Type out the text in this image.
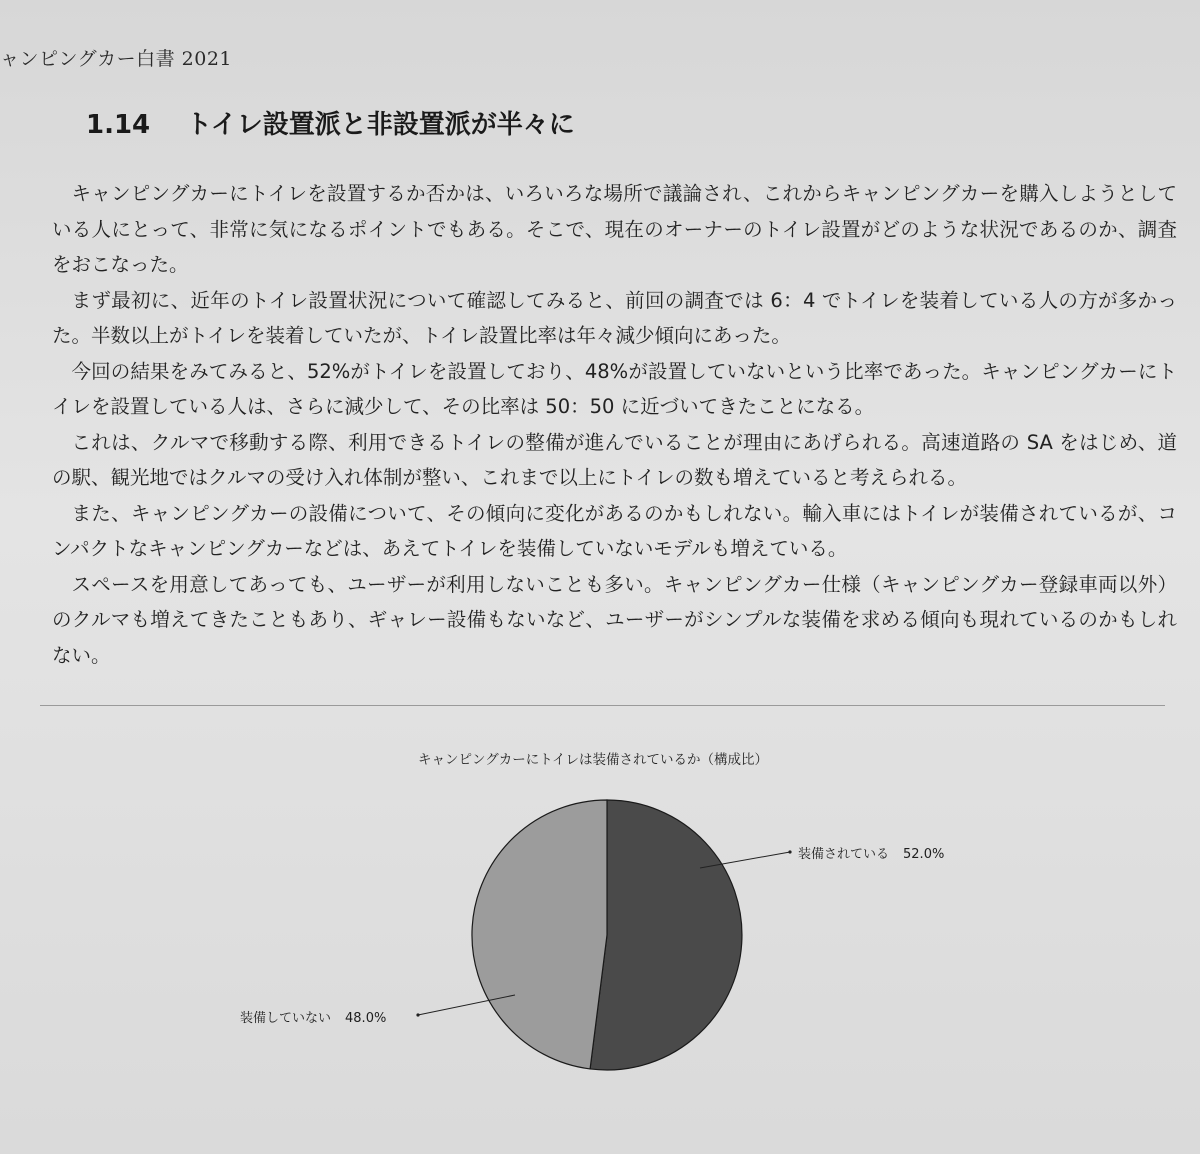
ャンピングカー白書 2021
1.14 トイレ設置派と非設置派が半々に

キャンピングカーにトイレを設置するか否かは、いろいろな場所で議論され、これからキャンピングカーを購入しようとしている人にとって、非常に気になるポイントでもある。そこで、現在のオーナーのトイレ設置がどのような状況であるのか、調査をおこなった。

まず最初に、近年のトイレ設置状況について確認してみると、前回の調査では 6：4 でトイレを装着している人の方が多かった。半数以上がトイレを装着していたが、トイレ設置比率は年々減少傾向にあった。

今回の結果をみてみると、52%がトイレを設置しており、48%が設置していないという比率であった。キャンピングカーにトイレを設置している人は、さらに減少して、その比率は 50：50 に近づいてきたことになる。

これは、クルマで移動する際、利用できるトイレの整備が進んでいることが理由にあげられる。高速道路の SA をはじめ、道の駅、観光地ではクルマの受け入れ体制が整い、これまで以上にトイレの数も増えていると考えられる。

また、キャンピングカーの設備について、その傾向に変化があるのかもしれない。輸入車にはトイレが装備されているが、コンパクトなキャンピングカーなどは、あえてトイレを装備していないモデルも増えている。

スペースを用意してあっても、ユーザーが利用しないことも多い。キャンピングカー仕様（キャンピングカー登録車両以外）のクルマも増えてきたこともあり、ギャレー設備もないなど、ユーザーがシンプルな装備を求める傾向も現れているのかもしれない。

キャンピングカーにトイレは装備されているか（構成比）
装備されている 52.0%
装備していない 48.0%
